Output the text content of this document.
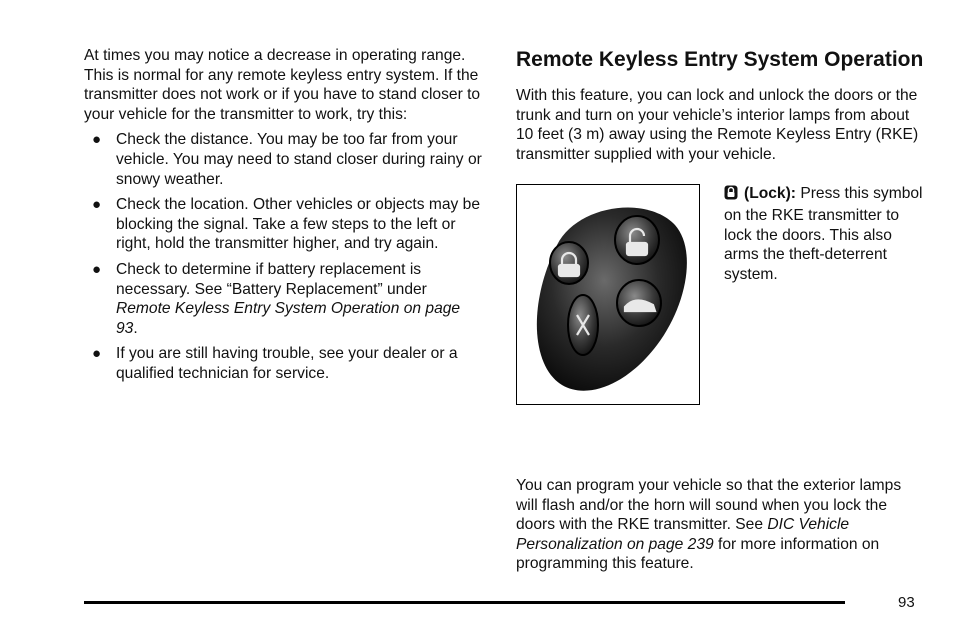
At times you may notice a decrease in operating range. This is normal for any remote keyless entry system. If the transmitter does not work or if you have to stand closer to your vehicle for the transmitter to work, try this:

● Check the distance. You may be too far from your vehicle. You may need to stand closer during rainy or snowy weather.
● Check the location. Other vehicles or objects may be blocking the signal. Take a few steps to the left or right, hold the transmitter higher, and try again.
● Check to determine if battery replacement is necessary. See “Battery Replacement” under Remote Keyless Entry System Operation on page 93.
● If you are still having trouble, see your dealer or a qualified technician for service.
Remote Keyless Entry System Operation

With this feature, you can lock and unlock the doors or the trunk and turn on your vehicle’s interior lamps from about 10 feet (3 m) away using the Remote Keyless Entry (RKE) transmitter supplied with your vehicle.

(Lock): Press this symbol on the RKE transmitter to lock the doors. This also arms the theft-deterrent system.

You can program your vehicle so that the exterior lamps will flash and/or the horn will sound when you lock the doors with the RKE transmitter. See DIC Vehicle Personalization on page 239 for more information on programming this feature.

93
